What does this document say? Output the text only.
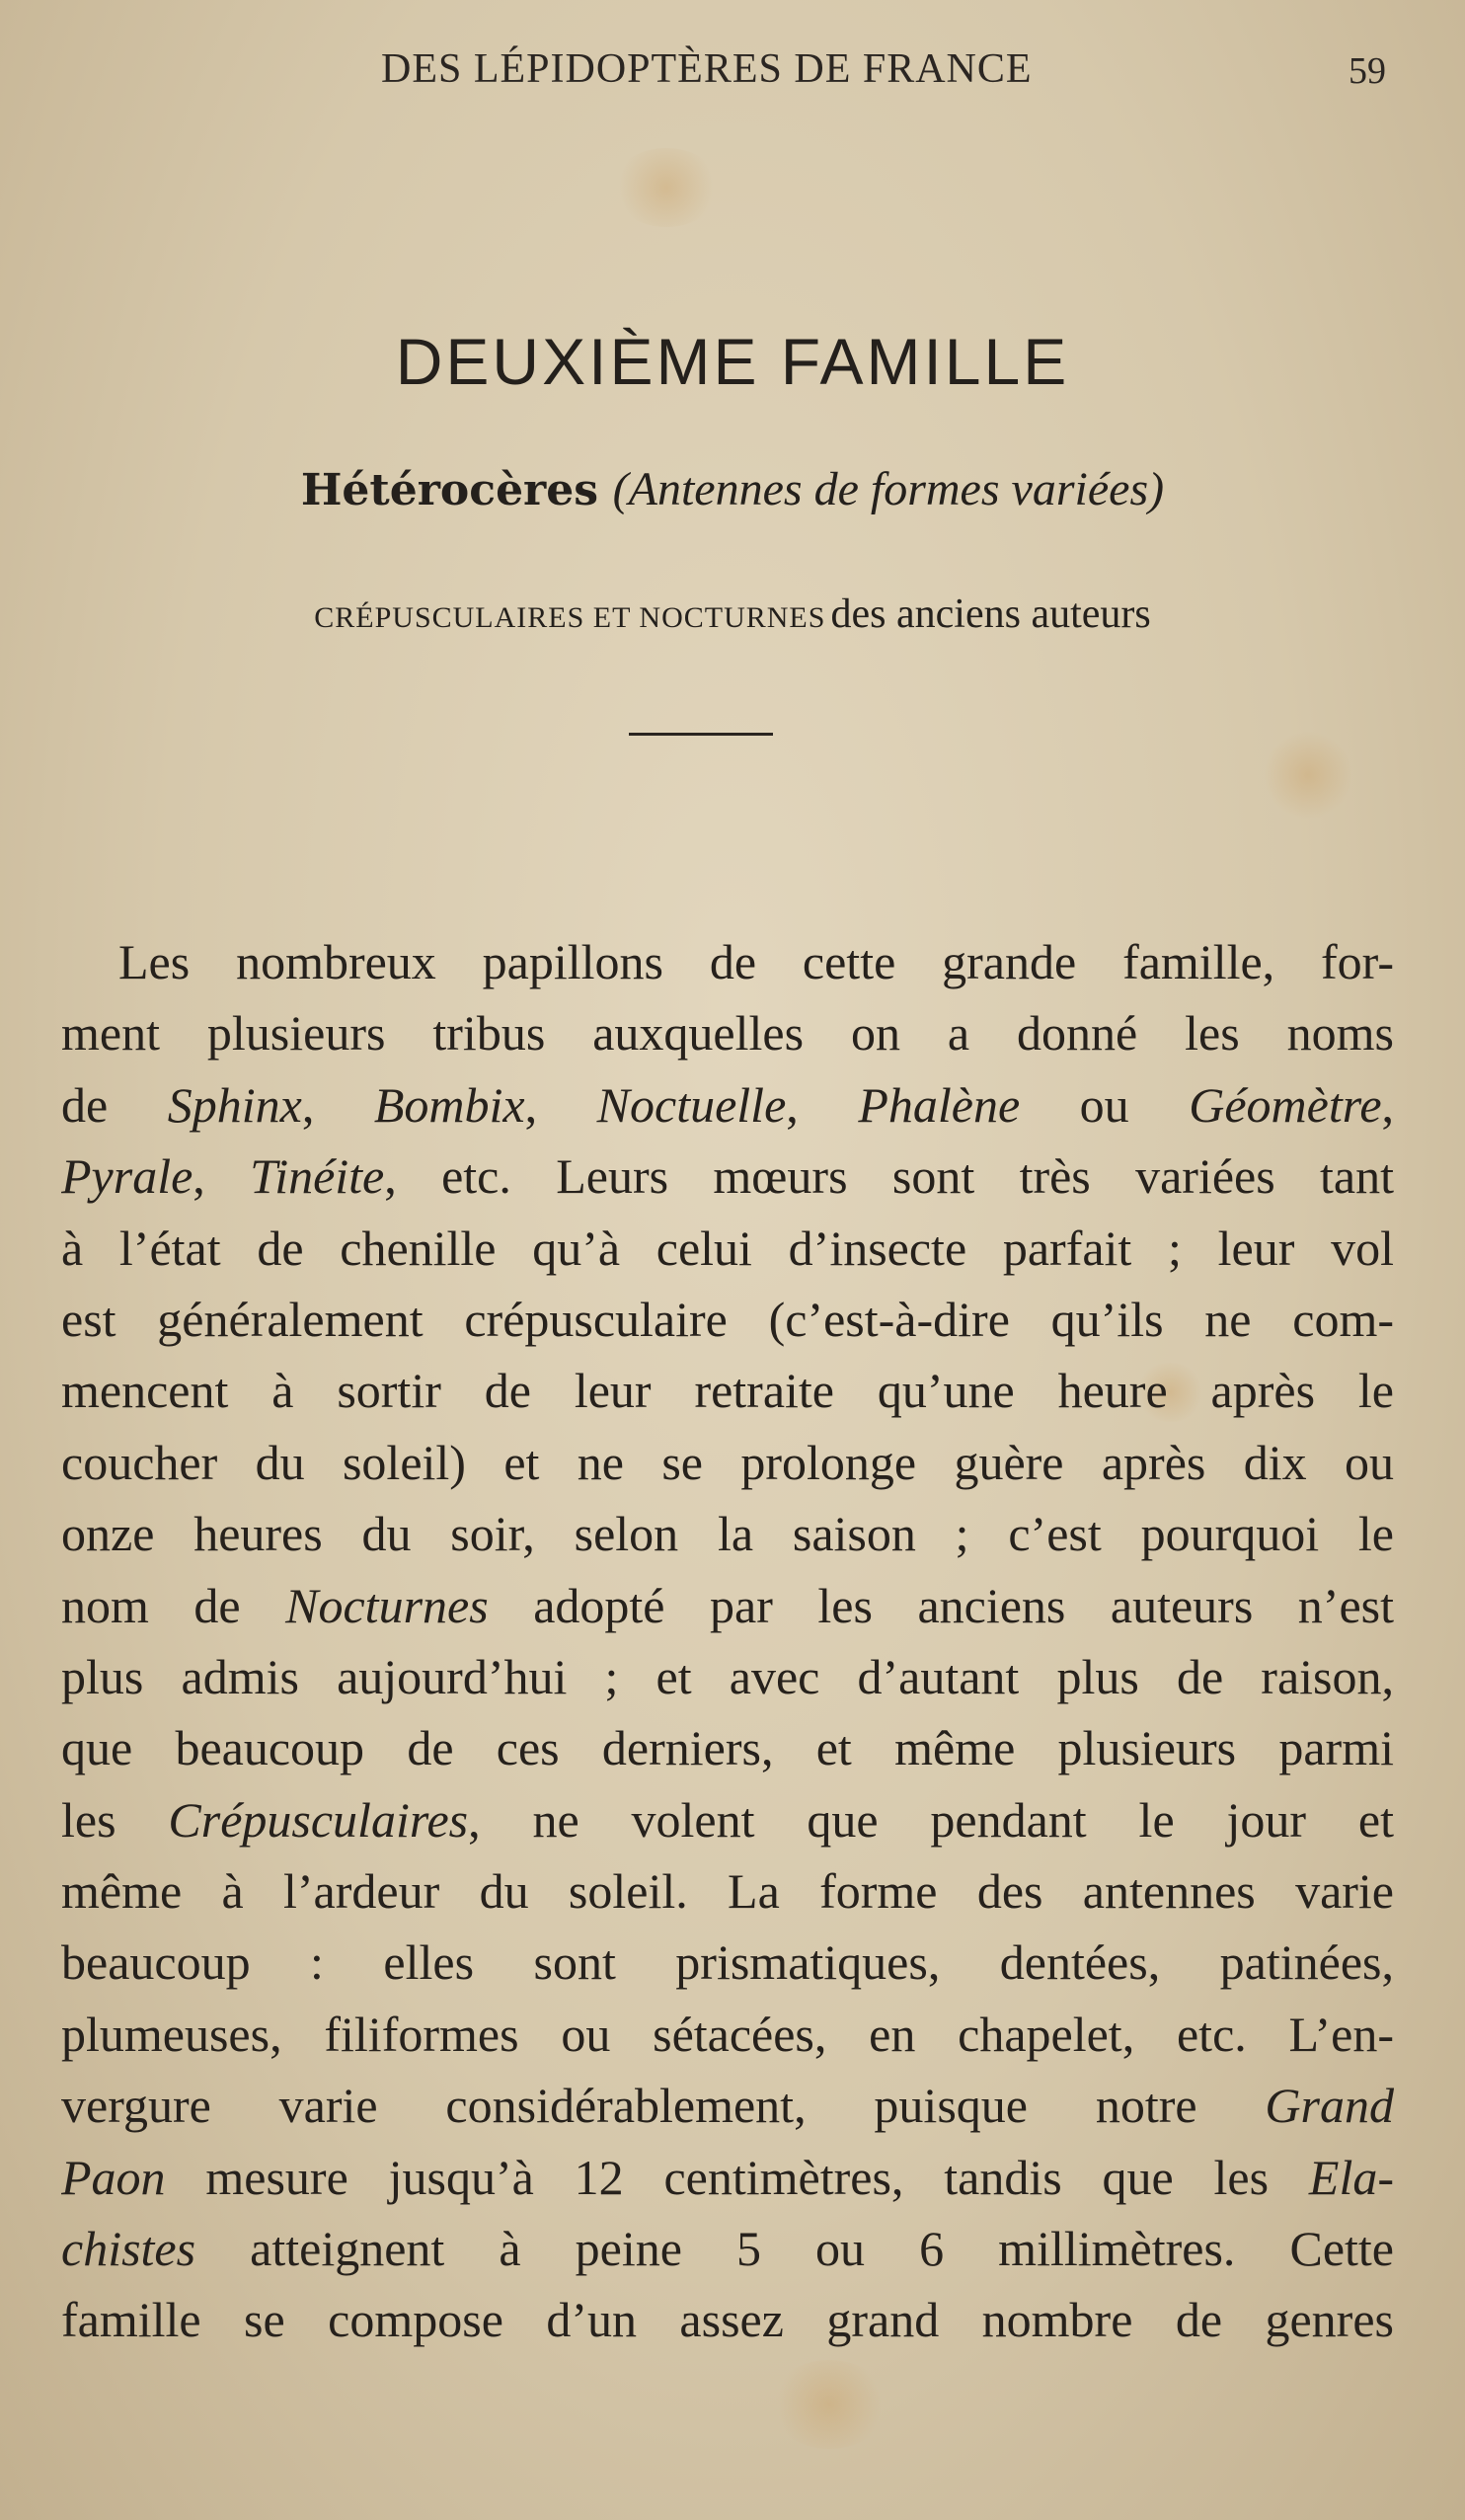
DES LÉPIDOPTÈRES DE FRANCE	59
DEUXIÈME FAMILLE
Hétérocères (Antennes de formes variées)
CRÉPUSCULAIRES ET NOCTURNES des anciens auteurs
Les nombreux papillons de cette grande famille, for-
ment plusieurs tribus auxquelles on a donné les noms
de Sphinx, Bombix, Noctuelle, Phalène ou Géomètre,
Pyrale, Tinéite, etc. Leurs mœurs sont très variées tant
à l’état de chenille qu’à celui d’insecte parfait ; leur vol
est généralement crépusculaire (c’est-à-dire qu’ils ne com-
mencent à sortir de leur retraite qu’une heure après le
coucher du soleil) et ne se prolonge guère après dix ou
onze heures du soir, selon la saison ; c’est pourquoi le
nom de Nocturnes adopté par les anciens auteurs n’est
plus admis aujourd’hui ; et avec d’autant plus de raison,
que beaucoup de ces derniers, et même plusieurs parmi
les Crépusculaires, ne volent que pendant le jour et
même à l’ardeur du soleil. La forme des antennes varie
beaucoup : elles sont prismatiques, dentées, patinées,
plumeuses, filiformes ou sétacées, en chapelet, etc. L’en-
vergure varie considérablement, puisque notre Grand
Paon mesure jusqu’à 12 centimètres, tandis que les Ela-
chistes atteignent à peine 5 ou 6 millimètres. Cette
famille se compose d’un assez grand nombre de genres
